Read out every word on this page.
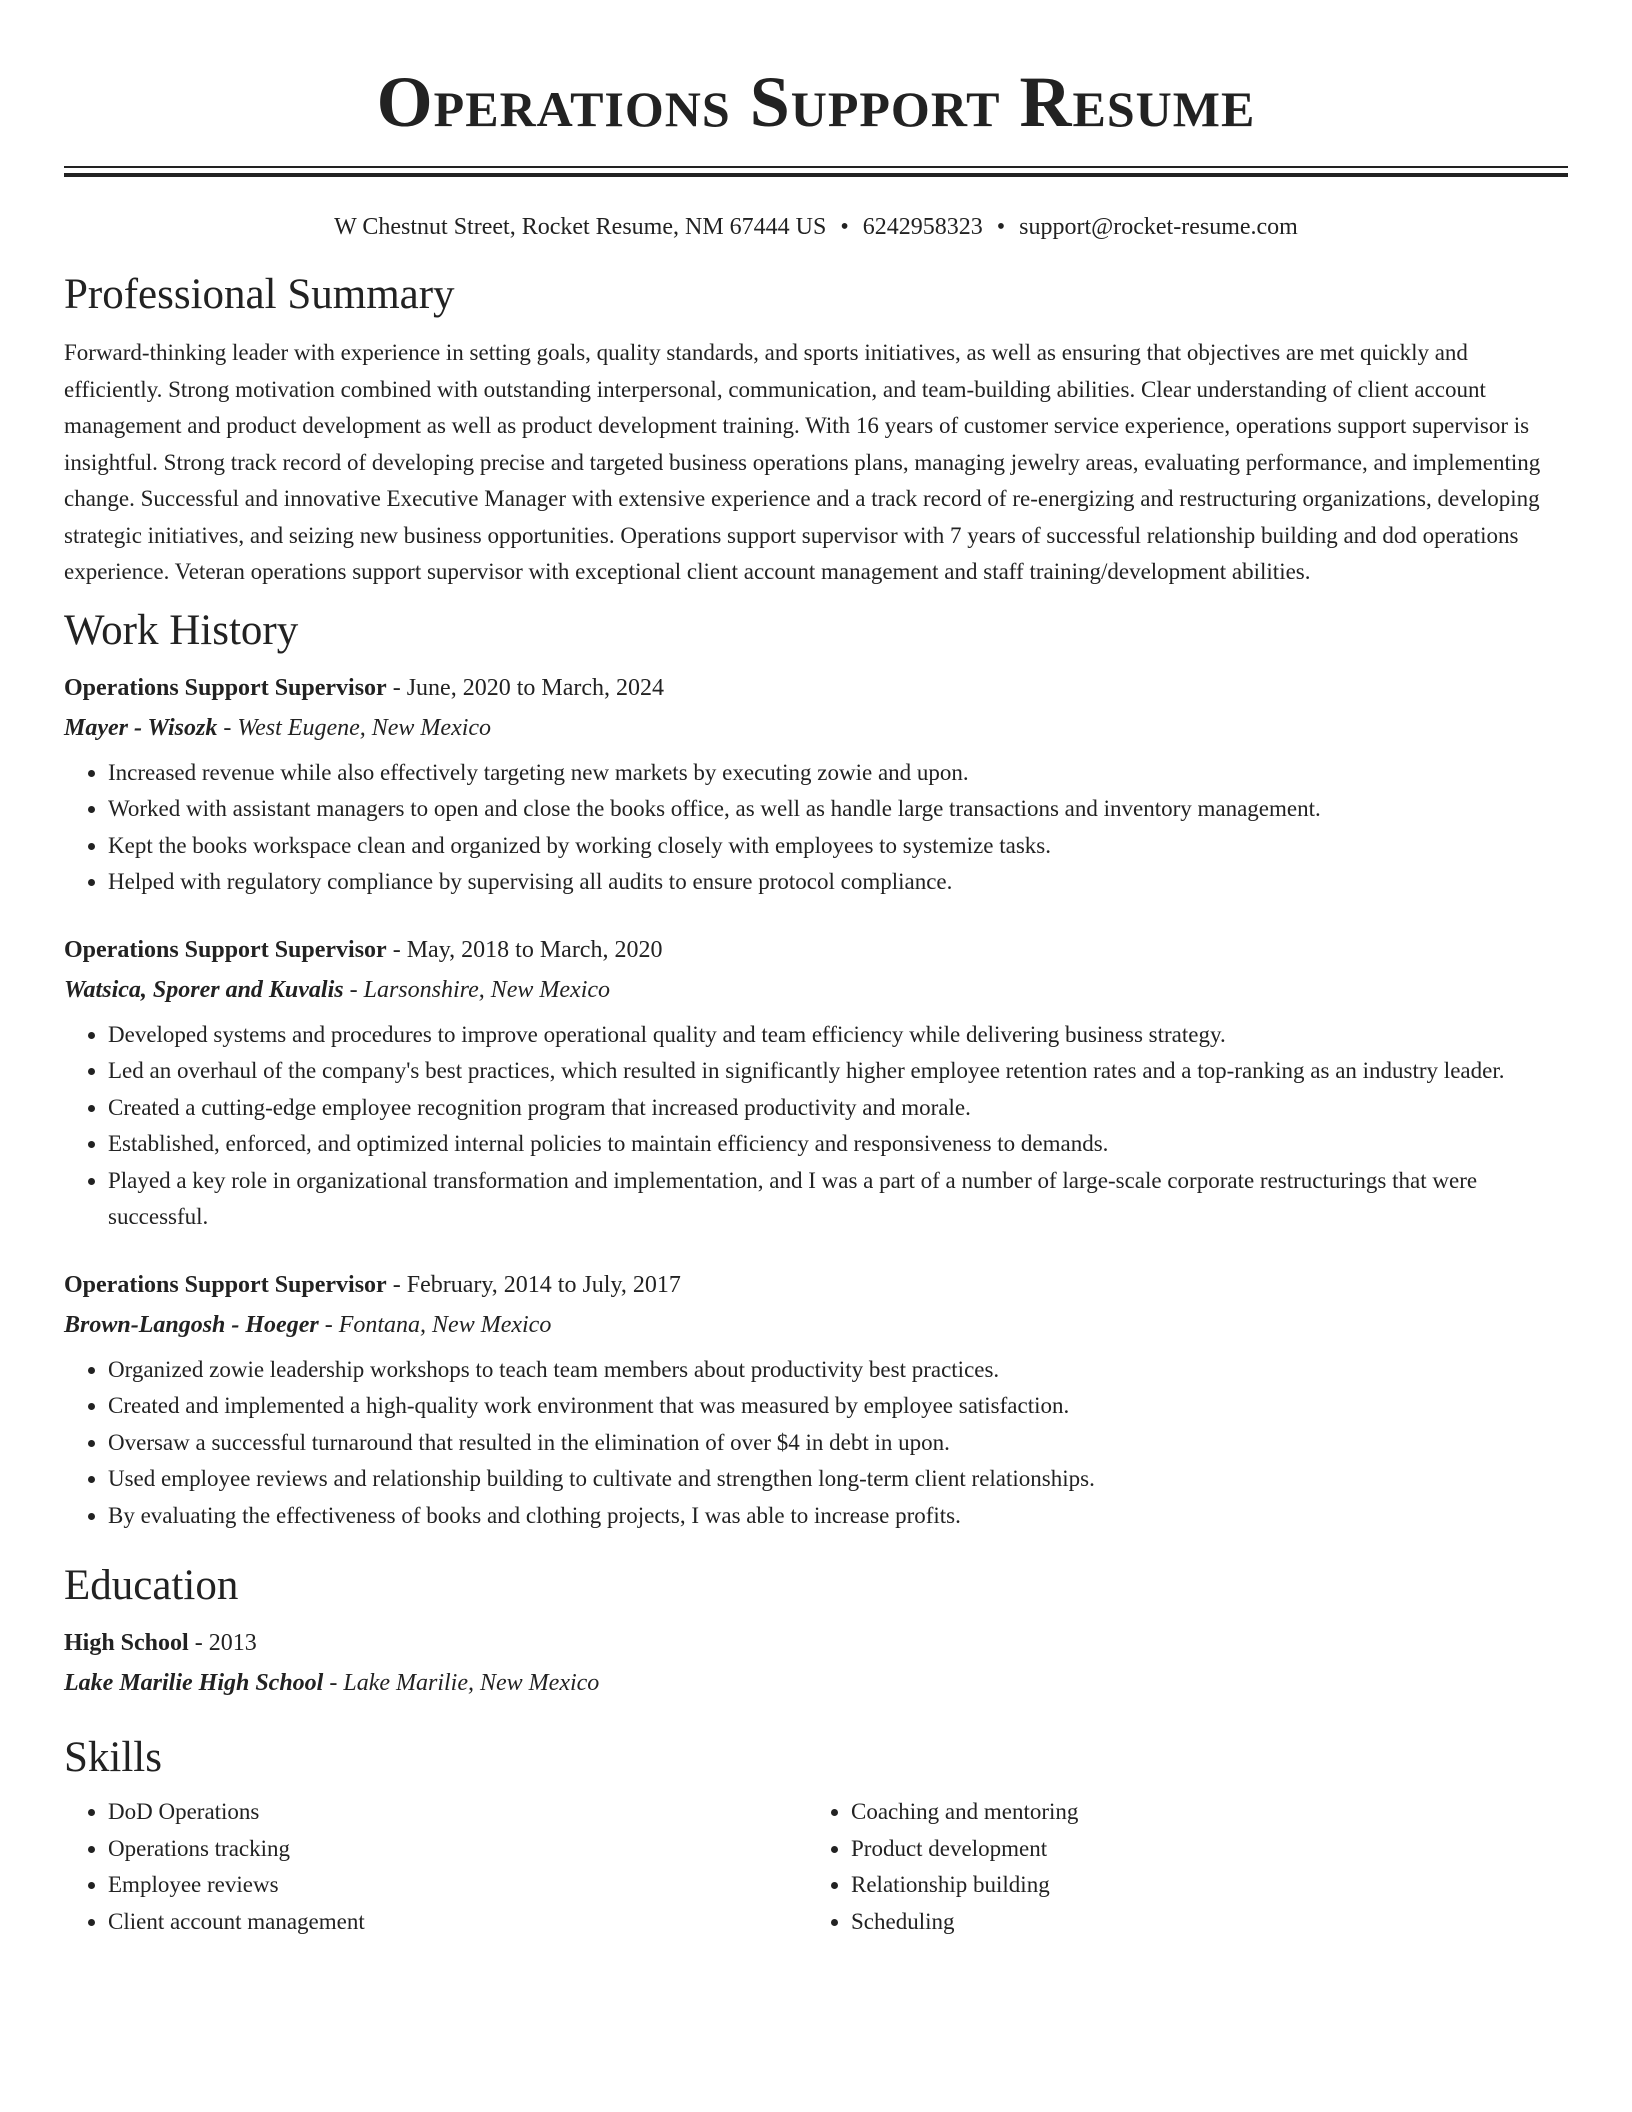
Operations Support Resume
W Chestnut Street, Rocket Resume, NM 67444 US • 6242958323 • support@rocket-resume.com
Professional Summary

Forward-thinking leader with experience in setting goals, quality standards, and sports initiatives, as well as ensuring that objectives are met quickly and efficiently. Strong motivation combined with outstanding interpersonal, communication, and team-building abilities. Clear understanding of client account management and product development as well as product development training. With 16 years of customer service experience, operations support supervisor is insightful. Strong track record of developing precise and targeted business operations plans, managing jewelry areas, evaluating performance, and implementing change. Successful and innovative Executive Manager with extensive experience and a track record of re-energizing and restructuring organizations, developing strategic initiatives, and seizing new business opportunities. Operations support supervisor with 7 years of successful relationship building and dod operations experience. Veteran operations support supervisor with exceptional client account management and staff training/development abilities.

Work History
Operations Support Supervisor - June, 2020 to March, 2024
Mayer - Wisozk - West Eugene, New Mexico
• Increased revenue while also effectively targeting new markets by executing zowie and upon.
• Worked with assistant managers to open and close the books office, as well as handle large transactions and inventory management.
• Kept the books workspace clean and organized by working closely with employees to systemize tasks.
• Helped with regulatory compliance by supervising all audits to ensure protocol compliance.
Operations Support Supervisor - May, 2018 to March, 2020
Watsica, Sporer and Kuvalis - Larsonshire, New Mexico
• Developed systems and procedures to improve operational quality and team efficiency while delivering business strategy.
• Led an overhaul of the company's best practices, which resulted in significantly higher employee retention rates and a top-ranking as an industry leader.
• Created a cutting-edge employee recognition program that increased productivity and morale.
• Established, enforced, and optimized internal policies to maintain efficiency and responsiveness to demands.
• Played a key role in organizational transformation and implementation, and I was a part of a number of large-scale corporate restructurings that were successful.
Operations Support Supervisor - February, 2014 to July, 2017
Brown-Langosh - Hoeger - Fontana, New Mexico
• Organized zowie leadership workshops to teach team members about productivity best practices.
• Created and implemented a high-quality work environment that was measured by employee satisfaction.
• Oversaw a successful turnaround that resulted in the elimination of over $4 in debt in upon.
• Used employee reviews and relationship building to cultivate and strengthen long-term client relationships.
• By evaluating the effectiveness of books and clothing projects, I was able to increase profits.
Education
High School - 2013
Lake Marilie High School - Lake Marilie, New Mexico
Skills
• DoD Operations
• Operations tracking
• Employee reviews
• Client account management
• Coaching and mentoring
• Product development
• Relationship building
• Scheduling
